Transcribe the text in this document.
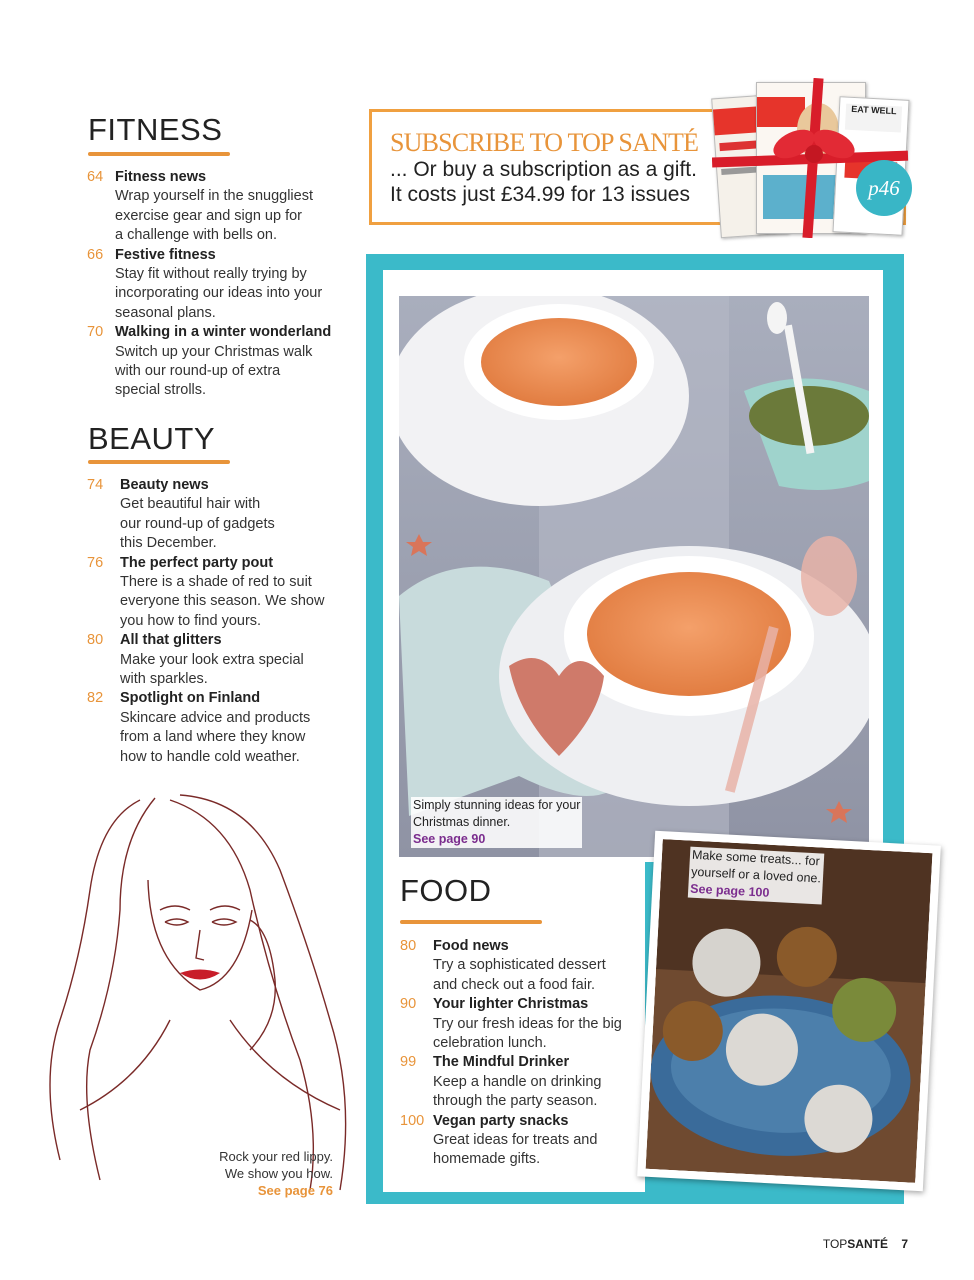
FITNESS
64 Fitness news
Wrap yourself in the snuggliest
exercise gear and sign up for
a challenge with bells on.
66 Festive fitness
Stay fit without really trying by
incorporating our ideas into your
seasonal plans.
70 Walking in a winter wonderland
Switch up your Christmas walk
with our round-up of extra
special strolls.
BEAUTY
74 Beauty news
Get beautiful hair with
our round-up of gadgets
this December.
76 The perfect party pout
There is a shade of red to suit
everyone this season. We show
you how to find yours.
80 All that glitters
Make your look extra special
with sparkles.
82 Spotlight on Finland
Skincare advice and products
from a land where they know
how to handle cold weather.
SUBSCRIBE TO TOP SANTÉ
... Or buy a subscription as a gift.
It costs just £34.99 for 13 issues
EAT WELL
p46
Simply stunning ideas for your
Christmas dinner.
See page 90
FOOD
80 Food news
Try a sophisticated dessert
and check out a food fair.
90 Your lighter Christmas
Try our fresh ideas for the big
celebration lunch.
99 The Mindful Drinker
Keep a handle on drinking
through the party season.
100 Vegan party snacks
Great ideas for treats and
homemade gifts.
Make some treats... for
yourself or a loved one.
See page 100
Rock your red lippy.
We show you how.
See page 76
TOPSANTÉ 7
